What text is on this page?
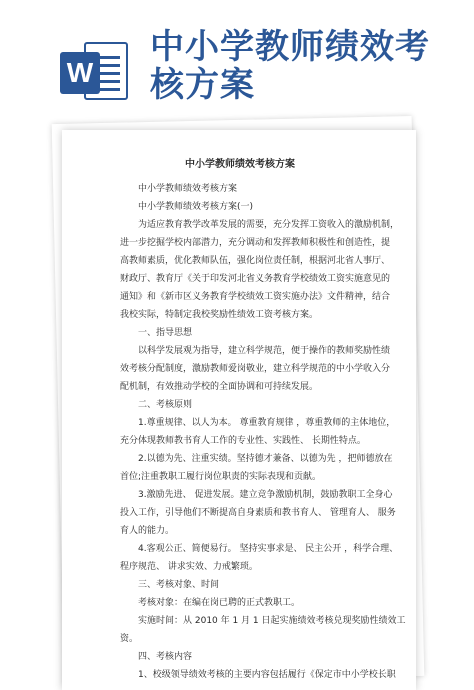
W
中小学教师绩效考
核方案
中小学教师绩效考核方案
中小学教师绩效考核方案
中小学教师绩效考核方案(一)
为适应教育教学改革发展的需要，充分发挥工资收入的激励机制，
进一步挖掘学校内部潜力，充分调动和发挥教师积极性和创造性，提
高教师素质，优化教师队伍，强化岗位责任制，根据河北省人事厅、
财政厅、教育厅《关于印发河北省义务教育学校绩效工资实施意见的
通知》和《新市区义务教育学校绩效工资实施办法》文件精神，结合
我校实际，特制定我校奖励性绩效工资考核方案。
一、指导思想
以科学发展观为指导，建立科学规范，便于操作的教师奖励性绩
效考核分配制度，激励教师爱岗敬业，建立科学规范的中小学收入分
配机制，有效推动学校的全面协调和可持续发展。
二、考核原则
1.尊重规律、以人为本。 尊重教育规律 ，尊重教师的主体地位，
充分体现教师教书育人工作的专业性、实践性、 长期性特点。
2.以德为先、注重实绩。坚持德才兼备、以德为先 ，把师德放在
首位;注重教职工履行岗位职责的实际表现和贡献。
3.激励先进、 促进发展。建立竞争激励机制，鼓励教职工全身心
投入工作，引导他们不断提高自身素质和教书育人、 管理育人、 服务
育人的能力。
4.客观公正、简便易行。 坚持实事求是、 民主公开 ，科学合理、
程序规范、 讲求实效、力戒繁琐。
三、考核对象、时间
考核对象：在编在岗已聘的正式教职工。
实施时间：从 2010 年 1 月 1 日起实施绩效考核兑现奖励性绩效工
资。
四、考核内容
1、校级领导绩效考核的主要内容包括履行《保定市中小学校长职
